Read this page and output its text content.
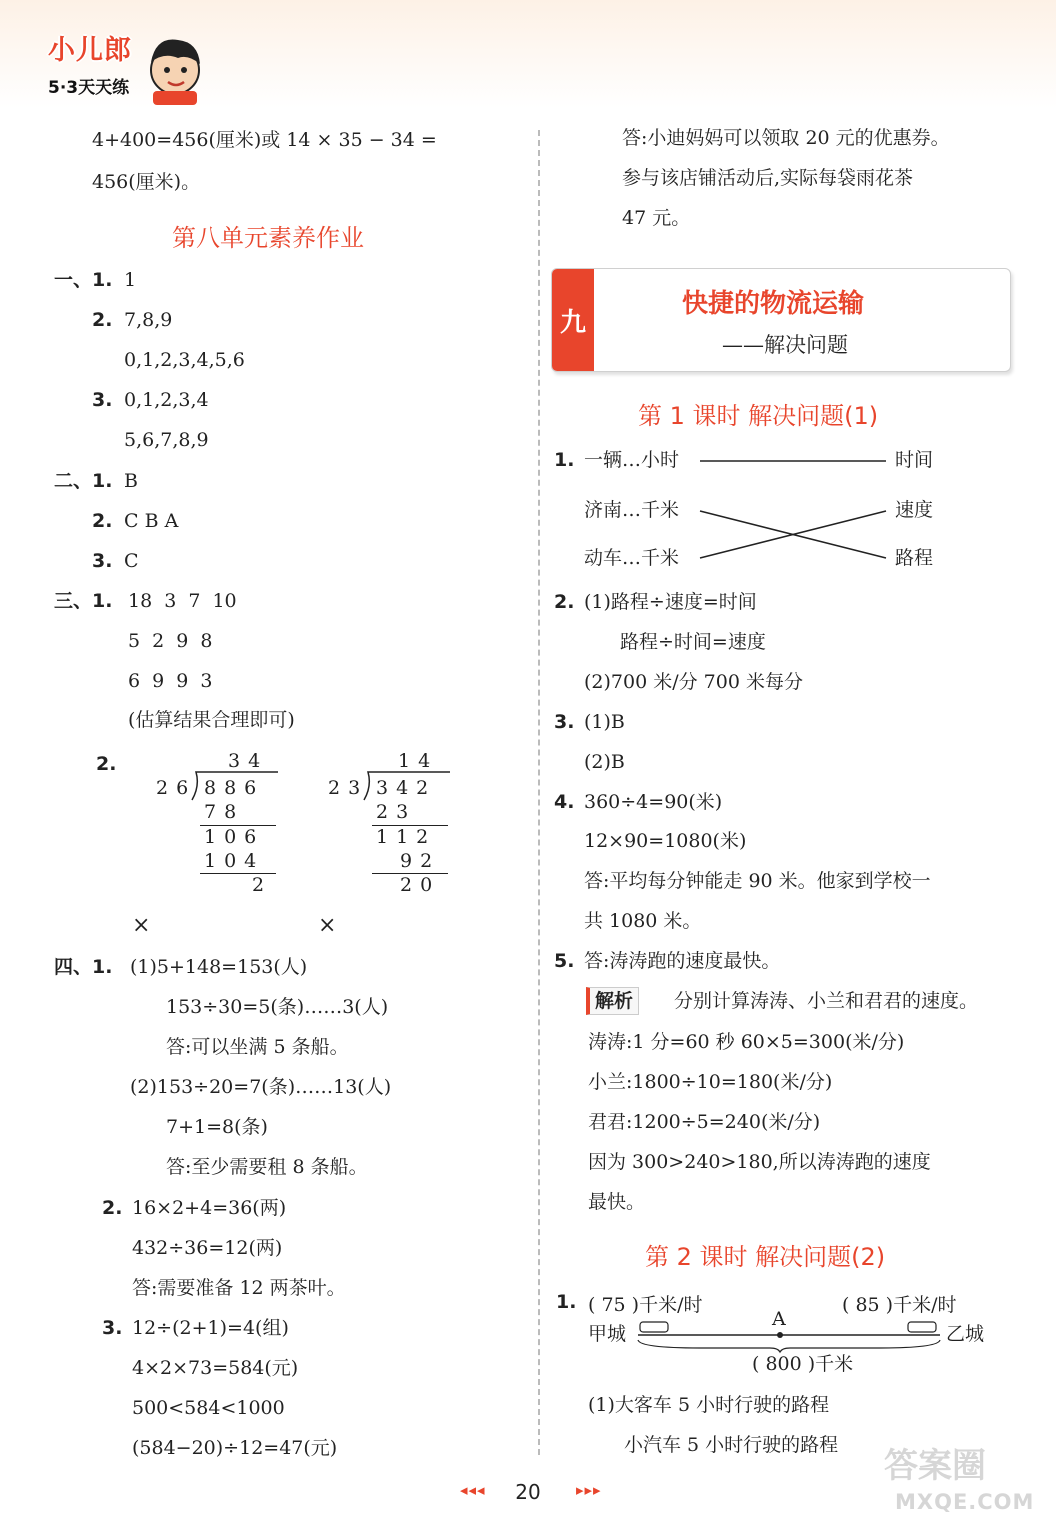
小儿郎
5·3天天练
4+400=456(厘米)或 14 × 35 − 34 =
456(厘米)。
第八单元素养作业
一、 1. 1
2. 7,8,9
0,1,2,3,4,5,6
3. 0,1,2,3,4
5,6,7,8,9
二、 1. B
2. C B A
3. C
三、 1. 18 3 7 10
5 2 9 8
6 9 9 3
(估算结果合理即可)
2.	34
26 886
78
106
104
2
14
23 342
23
112
92
20
×	×
四、 1. (1)5+148=153(人)
153÷30=5(条)……3(人)
答:可以坐满 5 条船。
(2)153÷20=7(条)……13(人)
7+1=8(条)
答:至少需要租 8 条船。
2. 16×2+4=36(两)
432÷36=12(两)
答:需要准备 12 两茶叶。
3. 12÷(2+1)=4(组)
4×2×73=584(元)
500<584<1000
(584−20)÷12=47(元)
答:小迪妈妈可以领取 20 元的优惠券。
参与该店铺活动后,实际每袋雨花茶
47 元。
九
快捷的物流运输
——解决问题
第 1 课时 解决问题(1)
1. 一辆…小时	时间
济南…千米	速度
动车…千米	路程
2. (1)路程÷速度=时间
路程÷时间=速度
(2)700 米/分 700 米每分
3. (1)B
(2)B
4. 360÷4=90(米)
12×90=1080(米)
答:平均每分钟能走 90 米。他家到学校一
共 1080 米。
5. 答:涛涛跑的速度最快。
解析	分别计算涛涛、小兰和君君的速度。
涛涛:1 分=60 秒 60×5=300(米/分)
小兰:1800÷10=180(米/分)
君君:1200÷5=240(米/分)
因为 300>240>180,所以涛涛跑的速度
最快。
第 2 课时 解决问题(2)
1. ( 75 )千米/时	( 85 )千米/时
A
甲城	乙城
( 800 )千米
(1)大客车 5 小时行驶的路程
小汽车 5 小时行驶的路程
◂◂◂	20	▸▸▸
答案圈
MXQE.COM
